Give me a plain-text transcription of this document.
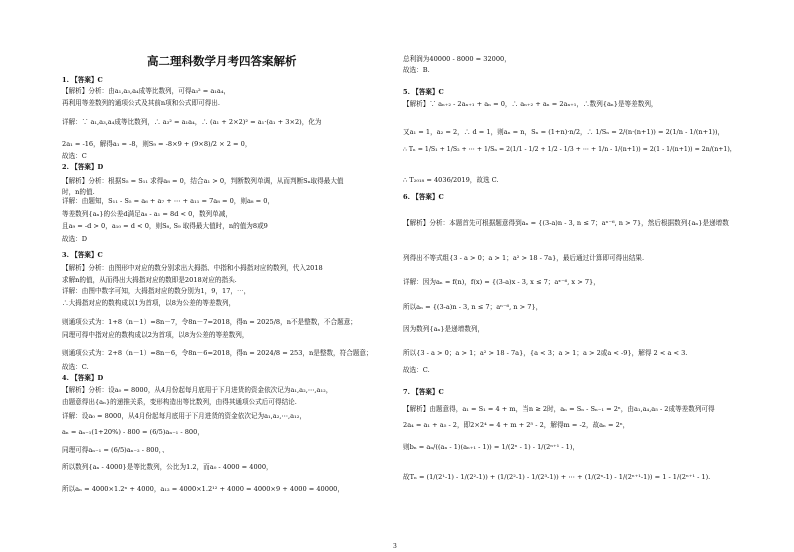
高二理科数学月考四答案解析
1. 【答案】C
【解析】分析：由a₁,a₃,a₄成等比数列，可得a₃² = a₁a₄，
再利用等差数列的通项公式及其前n项和公式即可得出.
详解：∵ a₁,a₃,a₄成等比数列，∴ a₃² = a₁a₄，∴ (a₁ + 2×2)² = a₁·(a₁ + 3×2)，化为
2a₁ = -16，解得a₁ = -8，则S₉ = -8×9 + (9×8)/2 × 2 = 0，
故选：C
2. 【答案】D
【解析】分析：根据S₅ = S₁₁ 求得a₈ = 0，结合a₁ > 0，判断数列单调，从而判断Sₙ取得最大值
时，n的值.
详解：由题知，S₁₁ - S₅ = a₆ + a₇ + ⋯ + a₁₁ = 7a₈ = 0，则a₈ = 0，
等差数列{aₙ}的公差d满足a₈ - a₁ = 8d < 0，数列单减，
且a₉ = -d > 0，a₁₀ = d < 0，则S₈, S₉ 取得最大值时，n的值为8或9
故选：D
3. 【答案】C
【解析】分析：由图形中对应的数分别求出大拇指、中指和小拇指对应的数列，代入2018
求解n的值，从而得出大拇指对应的数即是2018对应的指头.
详解：由图中数字可知，大拇指对应的数分别为1，9，17，⋯，
∴大拇指对应的数构成以1为首项，以8为公差的等差数列，
则通项公式为：1+8（n－1）=8n－7，令8n－7=2018，得n = 2025/8，n不是整数，不合题意；
同理可得中指对应的数构成以2为首项，以8为公差的等差数列，
则通项公式为：2+8（n－1）=8n－6，令8n－6=2018，得n = 2024/8 = 253，n是整数，符合题意；
故选：C.
4. 【答案】D
【解析】分析：设a₀ = 8000，从4月份起每月底用于下月进货的资金依次记为a₁,a₂,⋯,a₁₂，
由题意得出{aₙ}的递推关系，变形构造出等比数列，由得其通项公式后可得结论.
详解：设a₀ = 8000，从4月份起每月底用于下月进货的资金依次记为a₁,a₂,⋯,a₁₂，
aₙ = aₙ₋₁(1+20%) - 800 = (6/5)aₙ₋₁ - 800，
同理可得aₙ₋₁ = (6/5)aₙ₋₂ - 800，、
所以数列{aₙ - 4000}是等比数列，公比为1.2，而a₀ - 4000 = 4000，
所以aₙ = 4000×1.2ⁿ + 4000，a₁₂ = 4000×1.2¹² + 4000 = 4000×9 + 4000 = 40000，
总利润为40000 - 8000 = 32000，
故选：B.
5. 【答案】C
【解析】∵ aₙ₊₂ - 2aₙ₊₁ + aₙ = 0，∴ aₙ₊₂ + aₙ = 2aₙ₊₁，∴数列{aₙ}是等差数列，
又a₁ = 1，a₂ = 2，∴ d = 1，则aₙ = n，Sₙ = (1+n)·n/2，∴ 1/Sₙ = 2/(n·(n+1)) = 2(1/n - 1/(n+1))，
∴ Tₙ = 1/S₁ + 1/S₂ + ⋯ + 1/Sₙ = 2(1/1 - 1/2 + 1/2 - 1/3 + ⋯ + 1/n - 1/(n+1)) = 2(1 - 1/(n+1)) = 2n/(n+1)，
∴ T₂₀₁₈ = 4036/2019，故选 C.
6. 【答案】C
【解析】分析：本题首先可根据题意得到aₙ = {(3-a)n - 3, n ≤ 7；aⁿ⁻⁶, n > 7}，然后根据数列{aₙ}是递增数
列得出不等式组{3 - a > 0；a > 1；a² > 18 - 7a}，最后通过计算即可得出结果.
详解：因为aₙ = f(n)，f(x) = {(3-a)x - 3, x ≤ 7；aˣ⁻⁶, x > 7}，
所以aₙ = {(3-a)n - 3, n ≤ 7；aⁿ⁻⁶, n > 7}，
因为数列{aₙ}是递增数列，
所以{3 - a > 0；a > 1；a² > 18 - 7a}，{a < 3；a > 1；a > 2或a < -9}，解得 2 < a < 3.
故选：C.
7. 【答案】C
【解析】由题意得，a₁ = S₁ = 4 + m，当n ≥ 2时，aₙ = Sₙ - Sₙ₋₁ = 2ⁿ，由a₁,a₄,a₅ - 2成等差数列可得
2a₄ = a₁ + a₅ - 2，即2×2⁴ = 4 + m + 2⁵ - 2，解得m = -2，故aₙ = 2ⁿ，
则bₙ = aₙ/((aₙ - 1)(aₙ₊₁ - 1)) = 1/(2ⁿ - 1) - 1/(2ⁿ⁺¹ - 1)，
故Tₙ = (1/(2¹-1) - 1/(2²-1)) + (1/(2²-1) - 1/(2³-1)) + ⋯ + (1/(2ⁿ-1) - 1/(2ⁿ⁺¹-1)) = 1 - 1/(2ⁿ⁺¹ - 1).
3
